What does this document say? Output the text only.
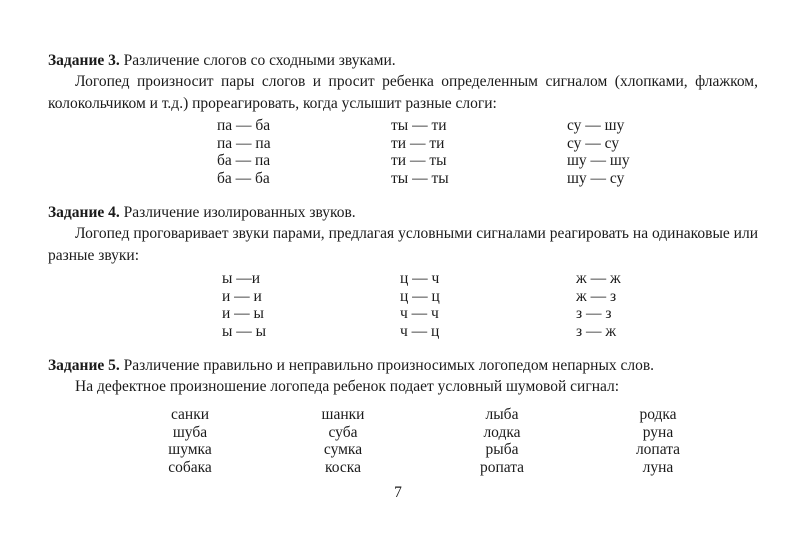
Задание 3. Различение слогов со сходными звуками.

Логопед произносит пары слогов и просит ребенка определенным сигналом (хлопками, флажком, колокольчиком и т.д.) прореагировать, когда услышит разные слоги:

па — ба
па — па
ба — па
ба — ба
ты — ти
ти — ти
ти — ты
ты — ты
су — шу
су — су
шу — шу
шу — су
Задание 4. Различение изолированных звуков.

Логопед проговаривает звуки парами, предлагая условными сигналами реагировать на одинаковые или разные звуки:

ы —и
и — и
и — ы
ы — ы
ц — ч
ц — ц
ч — ч
ч — ц
ж — ж
ж — з
з — з
з — ж
Задание 5. Различение правильно и неправильно произносимых логопедом непарных слов.

На дефектное произношение логопеда ребенок подает условный шумовой сигнал:

санки
шуба
шумка
собака
шанки
суба
сумка
коска
лыба
лодка
рыба
ропата
родка
руна
лопата
луна
7
